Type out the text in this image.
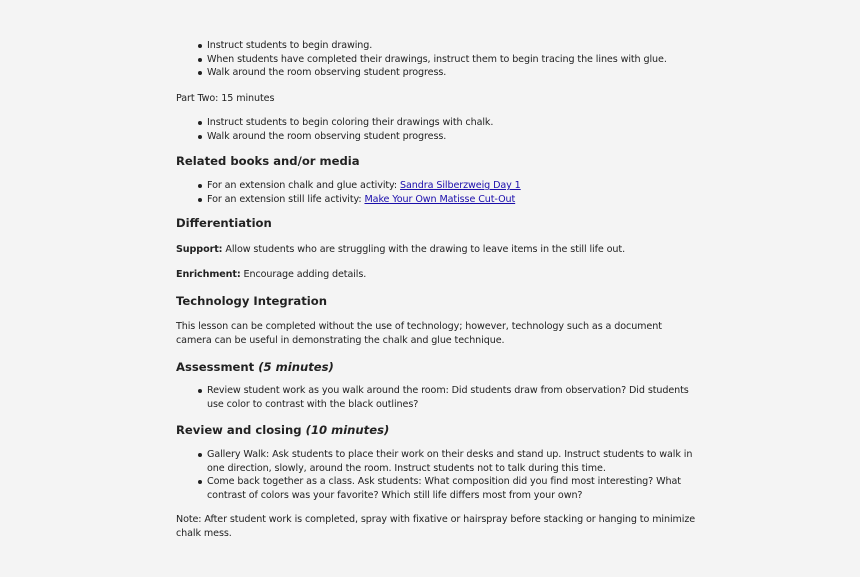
Instruct students to begin drawing.
When students have completed their drawings, instruct them to begin tracing the lines with glue.
Walk around the room observing student progress.

Part Two: 15 minutes

Instruct students to begin coloring their drawings with chalk.
Walk around the room observing student progress.
Related books and/or media
For an extension chalk and glue activity: Sandra Silberzweig Day 1
For an extension still life activity: Make Your Own Matisse Cut-Out
Differentiation

Support: Allow students who are struggling with the drawing to leave items in the still life out.

Enrichment: Encourage adding details.

Technology Integration

This lesson can be completed without the use of technology; however, technology such as a document camera can be useful in demonstrating the chalk and glue technique.

Assessment (5 minutes)
Review student work as you walk around the room: Did students draw from observation? Did students use color to contrast with the black outlines?
Review and closing (10 minutes)
Gallery Walk: Ask students to place their work on their desks and stand up. Instruct students to walk in one direction, slowly, around the room. Instruct students not to talk during this time.
Come back together as a class. Ask students: What composition did you find most interesting? What contrast of colors was your favorite? Which still life differs most from your own?

Note: After student work is completed, spray with fixative or hairspray before stacking or hanging to minimize chalk mess.
